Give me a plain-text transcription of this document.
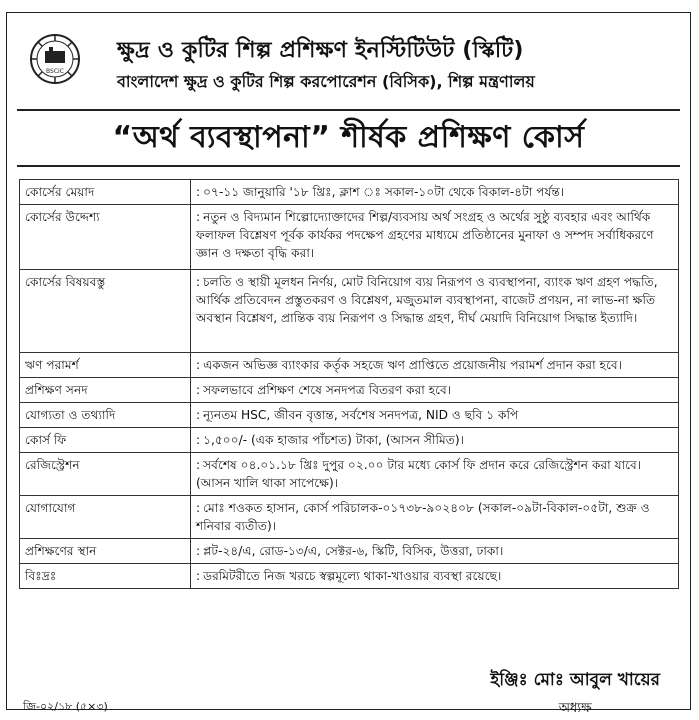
BSCIC
ক্ষুদ্র ও কুটির শিল্প প্রশিক্ষণ ইনস্টিটিউট (স্কিটি)
বাংলাদেশ ক্ষুদ্র ও কুটির শিল্প করপোরেশন (বিসিক), শিল্প মন্ত্রণালয়
“অর্থ ব্যবস্থাপনা” শীর্ষক প্রশিক্ষণ কোর্স
কোর্সের মেয়াদ	: ০৭-১১ জানুয়ারি '১৮ খ্রিঃ, ক্লাশ ঃ সকাল-১০টা থেকে বিকাল-৪টা পর্যন্ত।
কোর্সের উদ্দেশ্য	: নতুন ও বিদ্যমান শিল্পোদ্যোক্তাদের শিল্প/ব্যবসায় অর্থ সংগ্রহ ও অর্থের সুষ্ঠু ব্যবহার এবং আর্থিক ফলাফল বিশ্লেষণ পূর্বক কার্যকর পদক্ষেপ গ্রহণের মাধ্যমে প্রতিষ্ঠানের মুনাফা ও সম্পদ সর্বাধিকরণে জ্ঞান ও দক্ষতা বৃদ্ধি করা।
কোর্সের বিষয়বস্তু	: চলতি ও স্থায়ী মূলধন নির্ণয়, মোট বিনিয়োগ ব্যয় নিরূপণ ও ব্যবস্থাপনা, ব্যাংক ঋণ গ্রহণ পদ্ধতি, আর্থিক প্রতিবেদন প্রস্তুতকরণ ও বিশ্লেষণ, মজুতমাল ব্যবস্থাপনা, বাজেট প্রণয়ন, না লাভ-না ক্ষতি অবস্থান বিশ্লেষণ, প্রান্তিক ব্যয় নিরূপণ ও সিদ্ধান্ত গ্রহণ, দীর্ঘ মেয়াদি বিনিয়োগ সিদ্ধান্ত ইত্যাদি।
ঋণ পরামর্শ	: একজন অভিজ্ঞ ব্যাংকার কর্তৃক সহজে ঋণ প্রাপ্তিতে প্রয়োজনীয় পরামর্শ প্রদান করা হবে।
প্রশিক্ষণ সনদ	: সফলভাবে প্রশিক্ষণ শেষে সনদপত্র বিতরণ করা হবে।
যোগ্যতা ও তথ্যাদি	: ন্যূনতম HSC, জীবন বৃত্তান্ত, সর্বশেষ সনদপত্র, NID ও ছবি ১ কপি
কোর্স ফি	: ১,৫০০/- (এক হাজার পাঁচশত) টাকা, (আসন সীমিত)।
রেজিস্ট্রেশন	: সর্বশেষ ০৪.০১.১৮ খ্রিঃ দুপুর ০২.০০ টার মধ্যে কোর্স ফি প্রদান করে রেজিস্ট্রেশন করা যাবে। (আসন খালি থাকা সাপেক্ষে)।
যোগাযোগ	: মোঃ শওকত হাসান, কোর্স পরিচালক-০১৭৩৮-৯০২৪০৮ (সকাল-০৯টা-বিকাল-০৫টা, শুক্র ও শনিবার ব্যতীত)।
প্রশিক্ষণের স্থান	: প্লট-২৪/এ, রোড-১৩/এ, সেক্টর-৬, স্কিটি, বিসিক, উত্তরা, ঢাকা।
বিঃদ্রঃ	: ডরমিটরীতে নিজ খরচে স্বল্পমূল্যে থাকা-খাওয়ার ব্যবস্থা রয়েছে।
ইঞ্জিঃ মোঃ আবুল খায়ের
অধ্যক্ষ
জি-০২/১৮ (৫×৩)
